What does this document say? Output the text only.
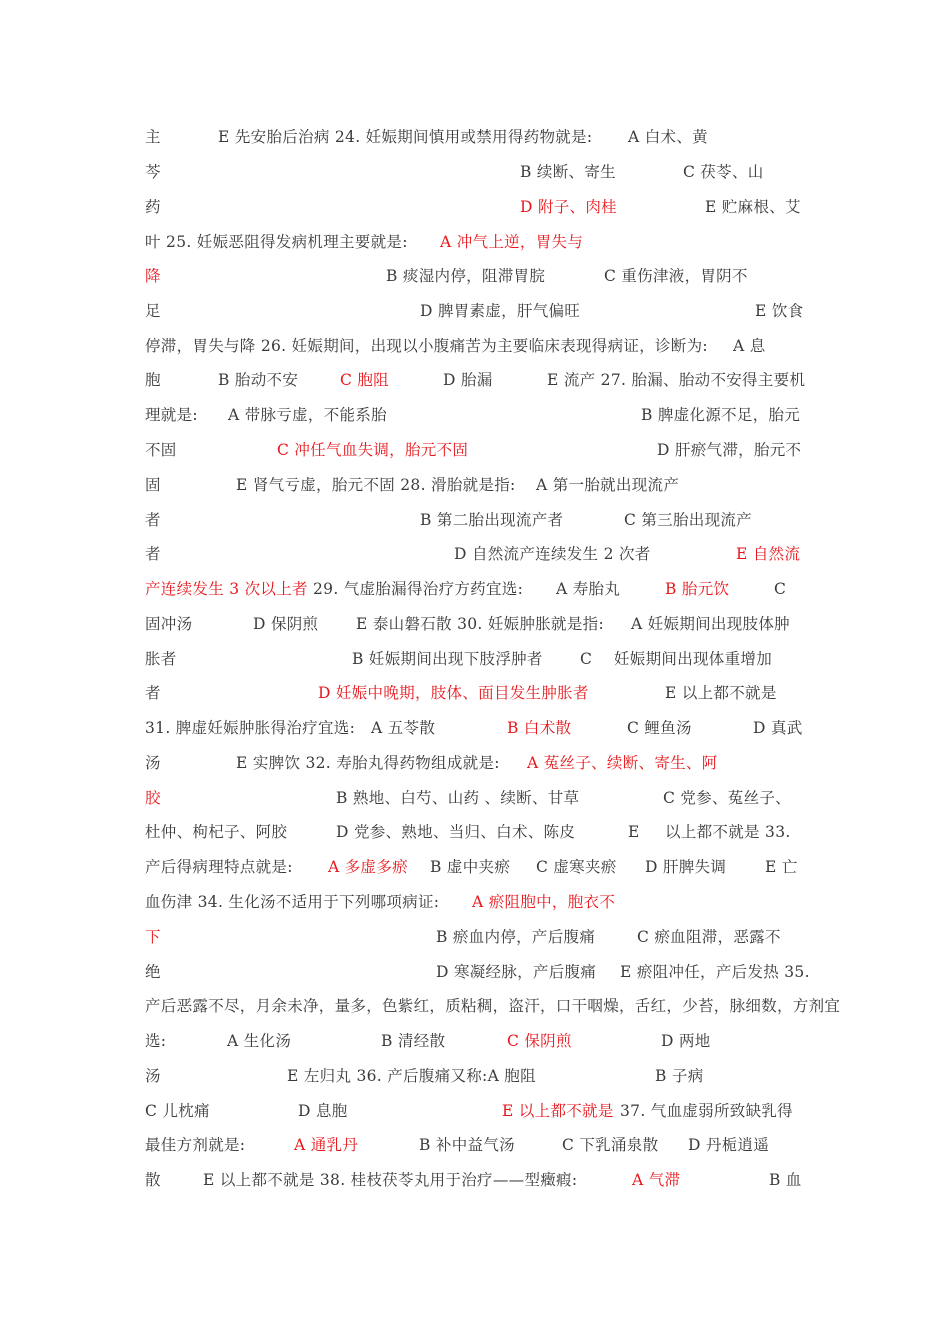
主	E 先安胎后治病 24. 妊娠期间慎用或禁用得药物就是: A 白术、黄
芩	B 续断、寄生	C 茯苓、山
药	D 附子、肉桂	E 贮麻根、艾
叶 25. 妊娠恶阻得发病机理主要就是: A 冲气上逆，胃失与
降	B 痰湿内停，阻滞胃脘	C 重伤津液，胃阴不
足	D 脾胃素虚，肝气偏旺	E 饮食
停滞，胃失与降 26. 妊娠期间，出现以小腹痛苦为主要临床表现得病证，诊断为: A 息
胞	B 胎动不安	C 胞阻	D 胎漏	E 流产 27. 胎漏、胎动不安得主要机
理就是: A 带脉亏虚，不能系胎	B 脾虚化源不足，胎元
不固	C 冲任气血失调，胎元不固	D 肝瘀气滞，胎元不
固	E 肾气亏虚，胎元不固 28. 滑胎就是指: A 第一胎就出现流产
者	B 第二胎出现流产者	C 第三胎出现流产
者	D 自然流产连续发生 2 次者	E 自然流
产连续发生 3 次以上者 29. 气虚胎漏得治疗方药宜选: A 寿胎丸	B 胎元饮	C
固冲汤	D 保阴煎 E 泰山磐石散 30. 妊娠肿胀就是指: A 妊娠期间出现肢体肿
胀者	B 妊娠期间出现下肢浮肿者 C 妊娠期间出现体重增加
者	D 妊娠中晚期，肢体、面目发生肿胀者	E 以上都不就是
31. 脾虚妊娠肿胀得治疗宜选: A 五苓散	B 白术散	C 鲤鱼汤	D 真武
汤	E 实脾饮 32. 寿胎丸得药物组成就是: A 菟丝子、续断、寄生、阿
胶	B 熟地、白芍、山药 、续断、甘草	C 党参、菟丝子、
杜仲、枸杞子、阿胶	D 党参、熟地、当归、白术、陈皮	E 以上都不就是 33.
产后得病理特点就是: A 多虚多瘀 B 虚中夹瘀 C 虚寒夹瘀 D 肝脾失调	E 亡
血伤津 34. 生化汤不适用于下列哪项病证: A 瘀阻胞中，胞衣不
下	B 瘀血内停，产后腹痛	C 瘀血阻滞，恶露不
绝	D 寒凝经脉，产后腹痛 E 瘀阻冲任，产后发热 35.
产后恶露不尽，月余未净，量多，色紫红，质粘稠，盗汗，口干咽燥，舌红，少苔，脉细数，方剂宜
选:	A 生化汤	B 清经散	C 保阴煎	D 两地
汤	E 左归丸 36. 产后腹痛又称:A 胞阻	B 子病
C 儿枕痛	D 息胞	E 以上都不就是 37. 气血虚弱所致缺乳得
最佳方剂就是:	A 通乳丹	B 补中益气汤	C 下乳涌泉散 D 丹栀逍遥
散	E 以上都不就是 38. 桂枝茯苓丸用于治疗——型癥瘕:	A 气滞	B 血
